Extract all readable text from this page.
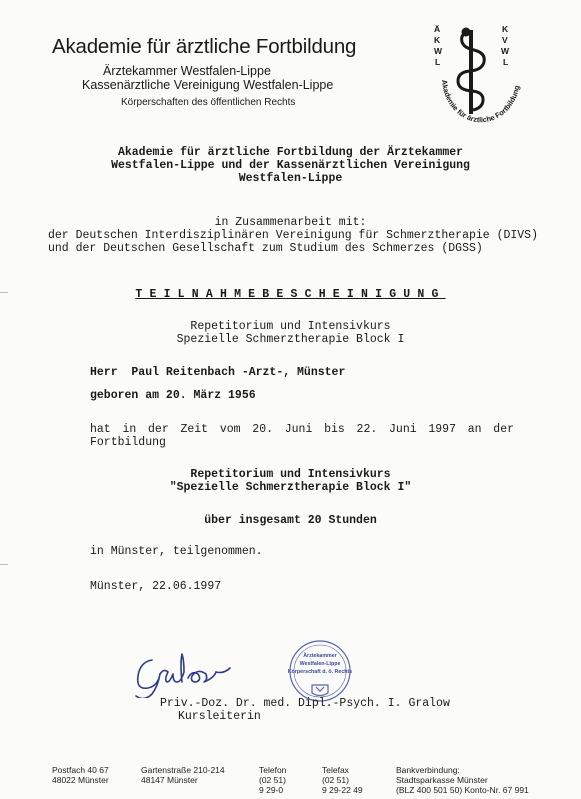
Akademie für ärztliche Fortbildung
Ärztekammer Westfalen-Lippe
Kassenärztliche Vereinigung Westfalen-Lippe
Körperschaften des öffentlichen Rechts
Ä
K
W
L
K
V
W
L
Akademie für ärztliche Fortbildung
Akademie für ärztliche Fortbildung der Ärztekammer
Westfalen-Lippe und der Kassenärztlichen Vereinigung
Westfalen-Lippe
in Zusammenarbeit mit:
der Deutschen Interdisziplinären Vereinigung für Schmerztherapie (DIVS)
und der Deutschen Gesellschaft zum Studium des Schmerzes (DGSS)
TEILNAHMEBESCHEINIGUNG
Repetitorium und Intensivkurs
Spezielle Schmerztherapie Block I
Herr  Paul Reitenbach -Arzt-, Münster
geboren am 20. März 1956
hat in der Zeit vom 20. Juni bis 22. Juni 1997 an der
Fortbildung
Repetitorium und Intensivkurs
"Spezielle Schmerztherapie Block I"
über insgesamt 20 Stunden
in Münster, teilgenommen.
Münster, 22.06.1997
Ärztekammer
Westfalen-Lippe
Körperschaft d. ö. Rechts
Priv.-Doz. Dr. med. Dipl.-Psych. I. Gralow
Kursleiterin
Postfach 40 67
48022 Münster
Gartenstraße 210-214
48147 Münster
Telefon
(02 51)
9 29-0
Telefax
(02 51)
9 29-22 49
Bankverbindung:
Stadtsparkasse Münster
(BLZ 400 501 50) Konto-Nr. 67 991
